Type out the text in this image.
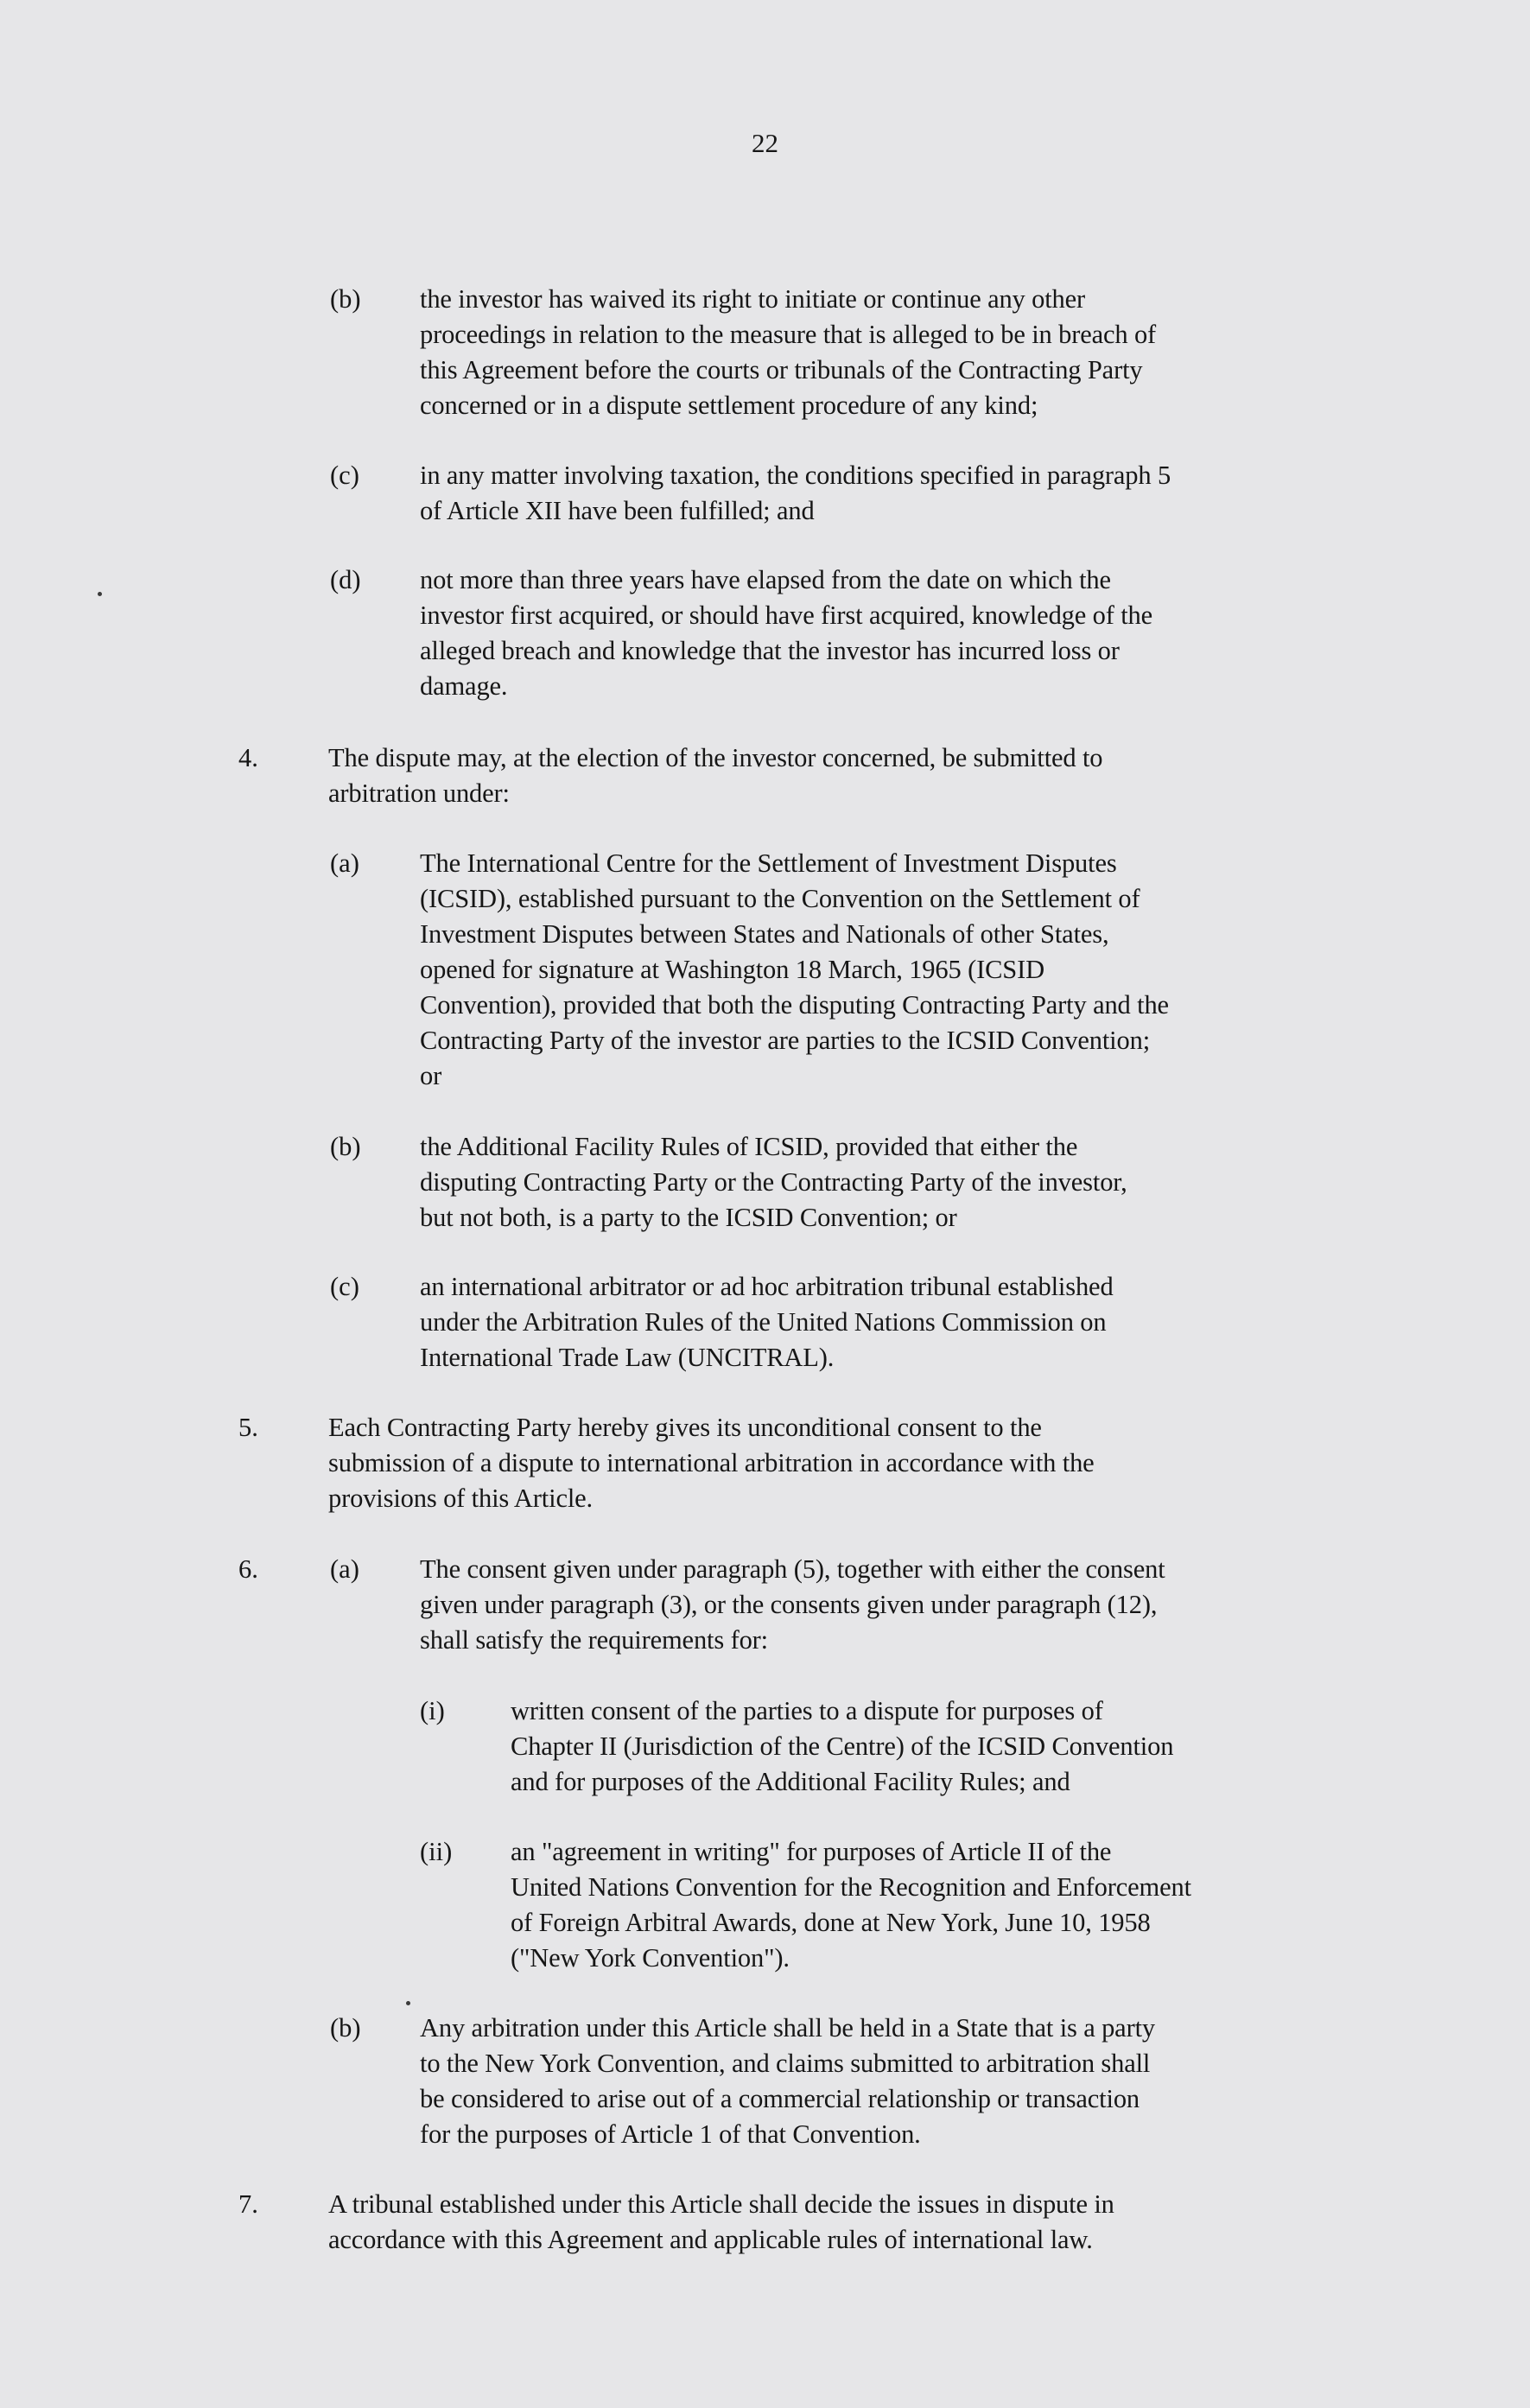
22
(b) the investor has waived its right to initiate or continue any other
proceedings in relation to the measure that is alleged to be in breach of
this Agreement before the courts or tribunals of the Contracting Party
concerned or in a dispute settlement procedure of any kind;
(c) in any matter involving taxation, the conditions specified in paragraph 5
of Article XII have been fulfilled; and
(d) not more than three years have elapsed from the date on which the
investor first acquired, or should have first acquired, knowledge of the
alleged breach and knowledge that the investor has incurred loss or
damage.
4.	The dispute may, at the election of the investor concerned, be submitted to
arbitration under:
(a) The International Centre for the Settlement of Investment Disputes
(ICSID), established pursuant to the Convention on the Settlement of
Investment Disputes between States and Nationals of other States,
opened for signature at Washington 18 March, 1965 (ICSID
Convention), provided that both the disputing Contracting Party and the
Contracting Party of the investor are parties to the ICSID Convention;
or
(b) the Additional Facility Rules of ICSID, provided that either the
disputing Contracting Party or the Contracting Party of the investor,
but not both, is a party to the ICSID Convention; or
(c) an international arbitrator or ad hoc arbitration tribunal established
under the Arbitration Rules of the United Nations Commission on
International Trade Law (UNCITRAL).
5.	Each Contracting Party hereby gives its unconditional consent to the
submission of a dispute to international arbitration in accordance with the
provisions of this Article.
6.	(a) The consent given under paragraph (5), together with either the consent
given under paragraph (3), or the consents given under paragraph (12),
shall satisfy the requirements for:
(i) written consent of the parties to a dispute for purposes of
Chapter II (Jurisdiction of the Centre) of the ICSID Convention
and for purposes of the Additional Facility Rules; and
(ii) an "agreement in writing" for purposes of Article II of the
United Nations Convention for the Recognition and Enforcement
of Foreign Arbitral Awards, done at New York, June 10, 1958
("New York Convention").
(b) Any arbitration under this Article shall be held in a State that is a party
to the New York Convention, and claims submitted to arbitration shall
be considered to arise out of a commercial relationship or transaction
for the purposes of Article 1 of that Convention.
7.	A tribunal established under this Article shall decide the issues in dispute in
accordance with this Agreement and applicable rules of international law.
